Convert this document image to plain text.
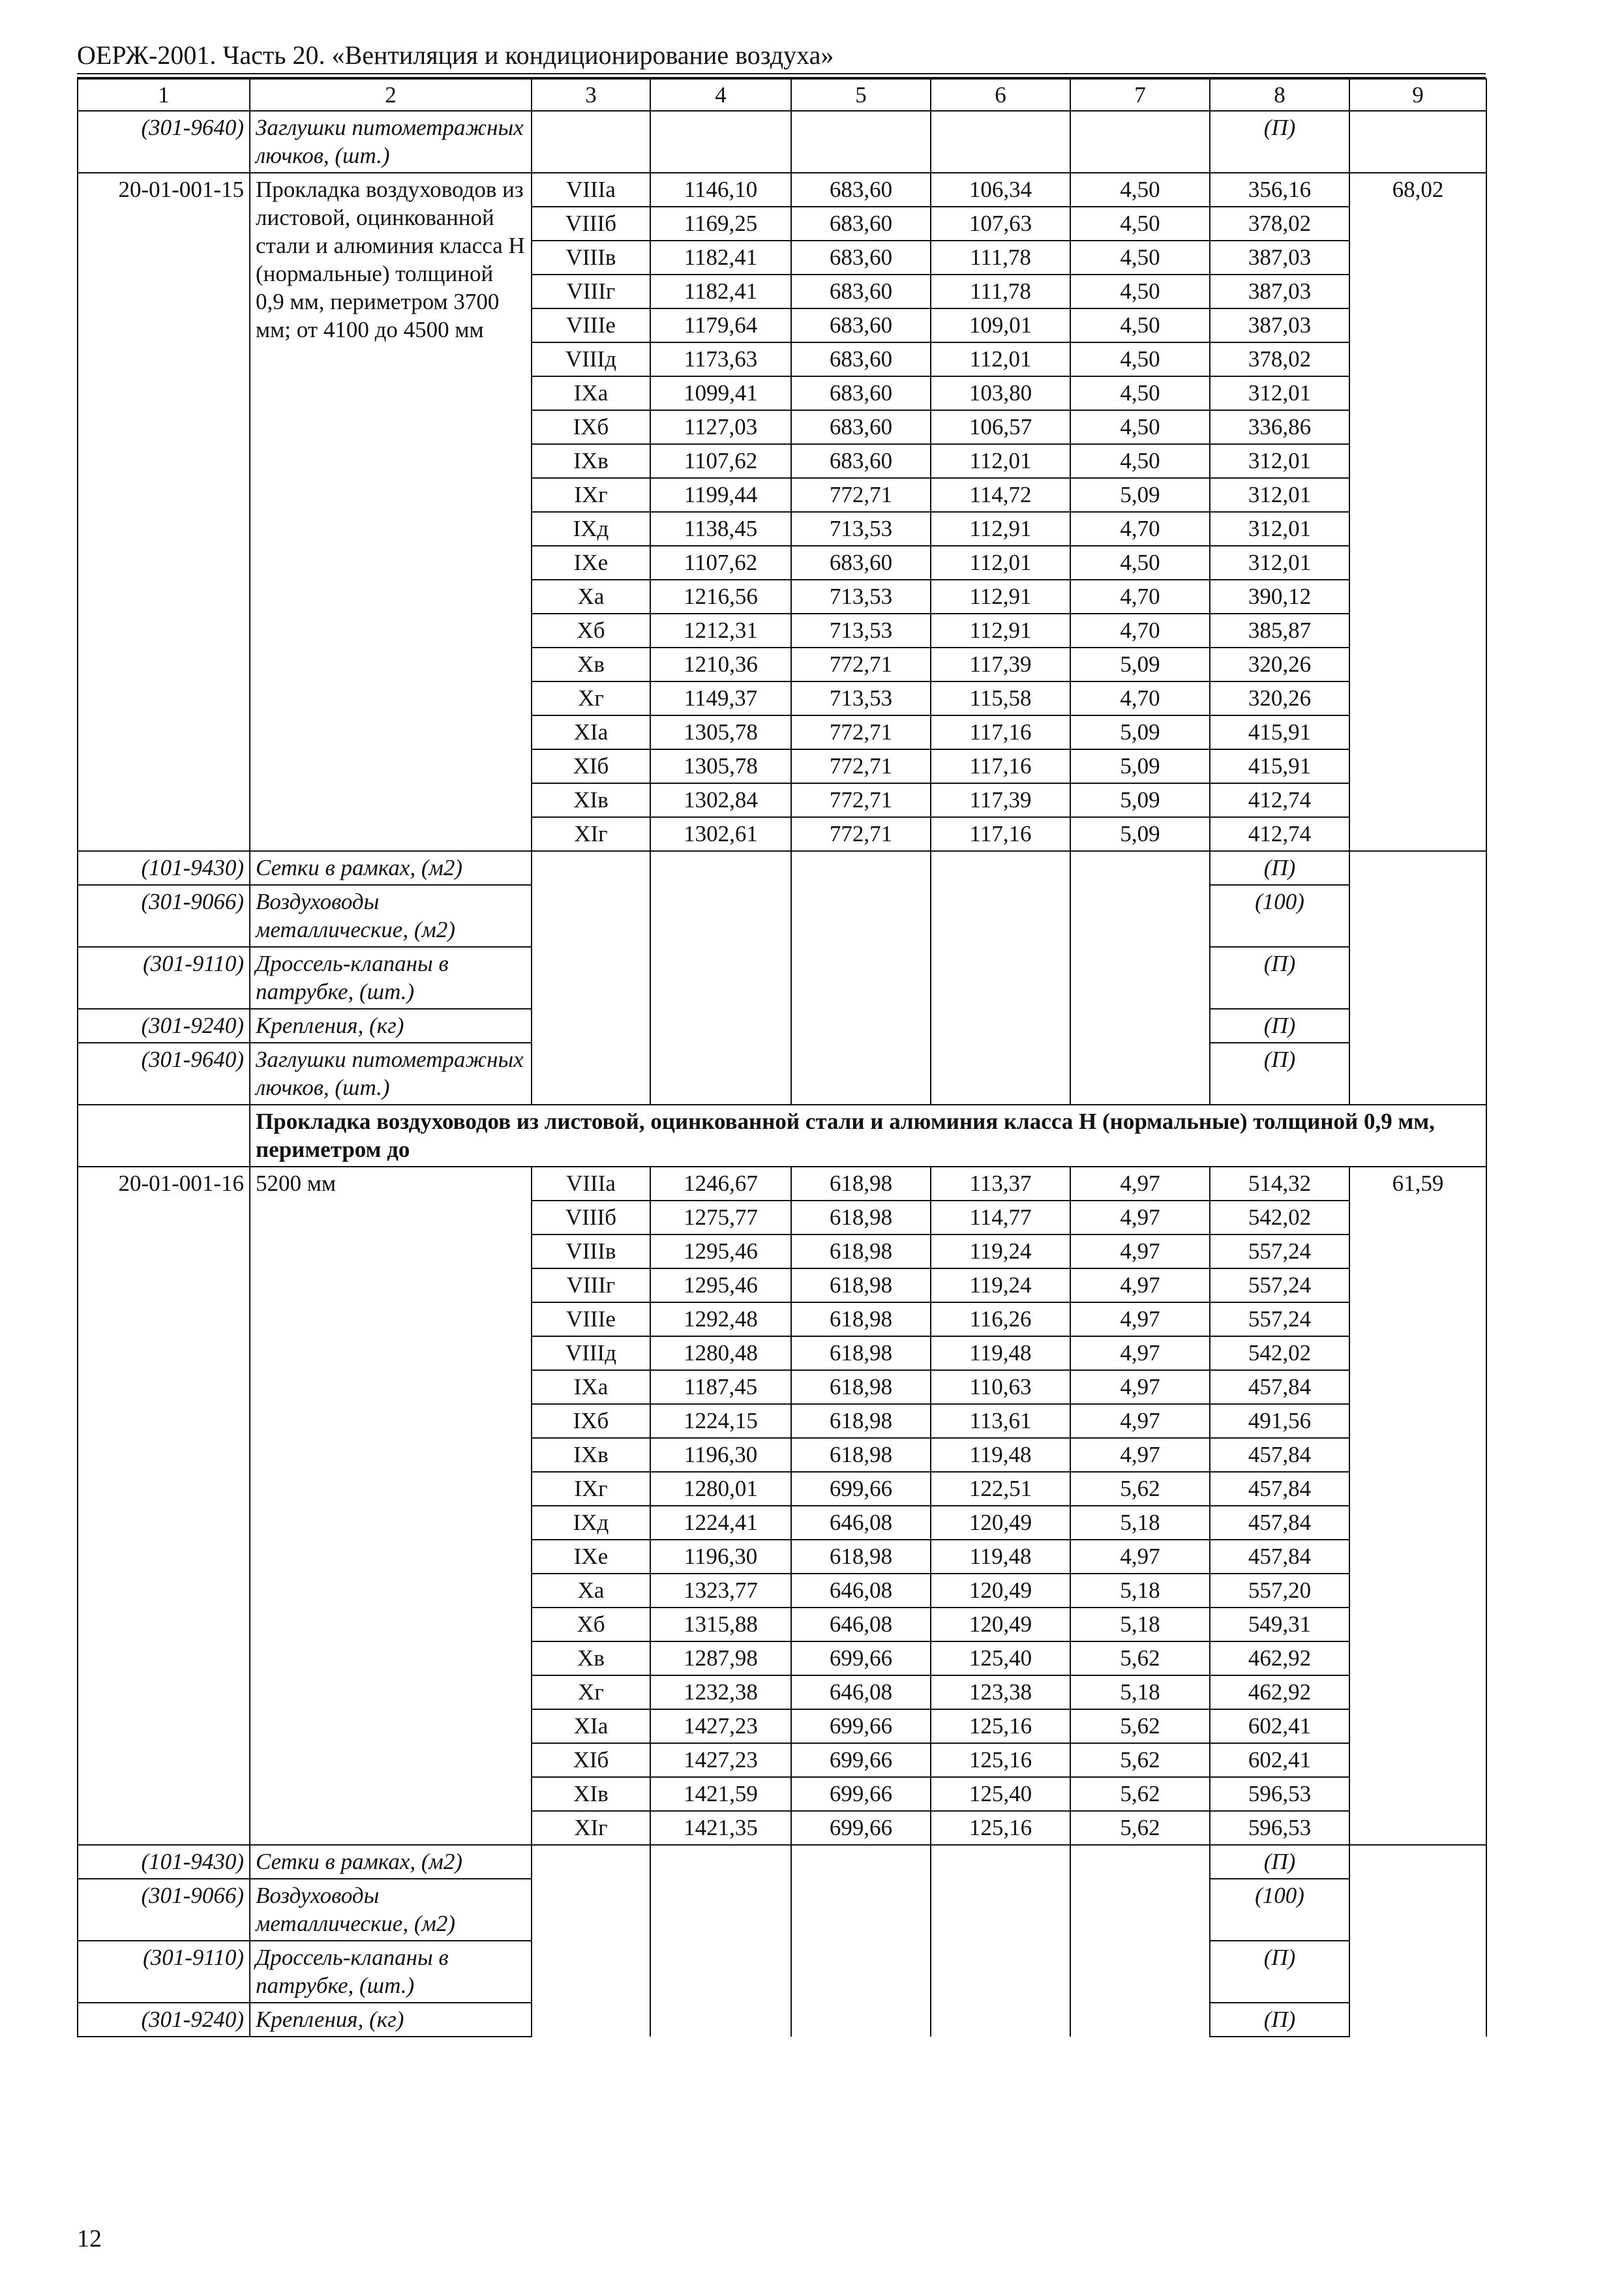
ОЕРЖ-2001. Часть 20. «Вентиляция и кондиционирование воздуха»
1	2	3	4	5	6	7	8	9
(301-9640)	Заглушки питометражных лючков, (шт.)						(П)	
20-01-001-15	Прокладка воздуховодов из листовой, оцинкованной стали и алюминия класса Н (нормальные) толщиной 0,9 мм, периметром 3700 мм; от 4100 до 4500 мм	VIIIа	1146,10	683,60	106,34	4,50	356,16	68,02
		VIIIб	1169,25	683,60	107,63	4,50	378,02	
		VIIIв	1182,41	683,60	111,78	4,50	387,03	
		VIIIг	1182,41	683,60	111,78	4,50	387,03	
		VIIIе	1179,64	683,60	109,01	4,50	387,03	
		VIIIд	1173,63	683,60	112,01	4,50	378,02	
		IXа	1099,41	683,60	103,80	4,50	312,01	
		IXб	1127,03	683,60	106,57	4,50	336,86	
		IXв	1107,62	683,60	112,01	4,50	312,01	
		IXг	1199,44	772,71	114,72	5,09	312,01	
		IXд	1138,45	713,53	112,91	4,70	312,01	
		IXе	1107,62	683,60	112,01	4,50	312,01	
		Xа	1216,56	713,53	112,91	4,70	390,12	
		Xб	1212,31	713,53	112,91	4,70	385,87	
		Xв	1210,36	772,71	117,39	5,09	320,26	
		Xг	1149,37	713,53	115,58	4,70	320,26	
		XIа	1305,78	772,71	117,16	5,09	415,91	
		XIб	1305,78	772,71	117,16	5,09	415,91	
		XIв	1302,84	772,71	117,39	5,09	412,74	
		XIг	1302,61	772,71	117,16	5,09	412,74	
(101-9430)	Сетки в рамках, (м2)						(П)	
(301-9066)	Воздуховоды металлические, (м2)						(100)	
(301-9110)	Дроссель-клапаны в патрубке, (шт.)						(П)	
(301-9240)	Крепления, (кг)						(П)	
(301-9640)	Заглушки питометражных лючков, (шт.)						(П)	
	Прокладка воздуховодов из листовой, оцинкованной стали и алюминия класса Н (нормальные) толщиной 0,9 мм, периметром до							
20-01-001-16	5200 мм	VIIIа	1246,67	618,98	113,37	4,97	514,32	61,59
		VIIIб	1275,77	618,98	114,77	4,97	542,02	
		VIIIв	1295,46	618,98	119,24	4,97	557,24	
		VIIIг	1295,46	618,98	119,24	4,97	557,24	
		VIIIе	1292,48	618,98	116,26	4,97	557,24	
		VIIIд	1280,48	618,98	119,48	4,97	542,02	
		IXа	1187,45	618,98	110,63	4,97	457,84	
		IXб	1224,15	618,98	113,61	4,97	491,56	
		IXв	1196,30	618,98	119,48	4,97	457,84	
		IXг	1280,01	699,66	122,51	5,62	457,84	
		IXд	1224,41	646,08	120,49	5,18	457,84	
		IXе	1196,30	618,98	119,48	4,97	457,84	
		Xа	1323,77	646,08	120,49	5,18	557,20	
		Xб	1315,88	646,08	120,49	5,18	549,31	
		Xв	1287,98	699,66	125,40	5,62	462,92	
		Xг	1232,38	646,08	123,38	5,18	462,92	
		XIа	1427,23	699,66	125,16	5,62	602,41	
		XIб	1427,23	699,66	125,16	5,62	602,41	
		XIв	1421,59	699,66	125,40	5,62	596,53	
		XIг	1421,35	699,66	125,16	5,62	596,53	
(101-9430)	Сетки в рамках, (м2)						(П)	
(301-9066)	Воздуховоды металлические, (м2)						(100)	
(301-9110)	Дроссель-клапаны в патрубке, (шт.)						(П)	
(301-9240)	Крепления, (кг)						(П)	
12
